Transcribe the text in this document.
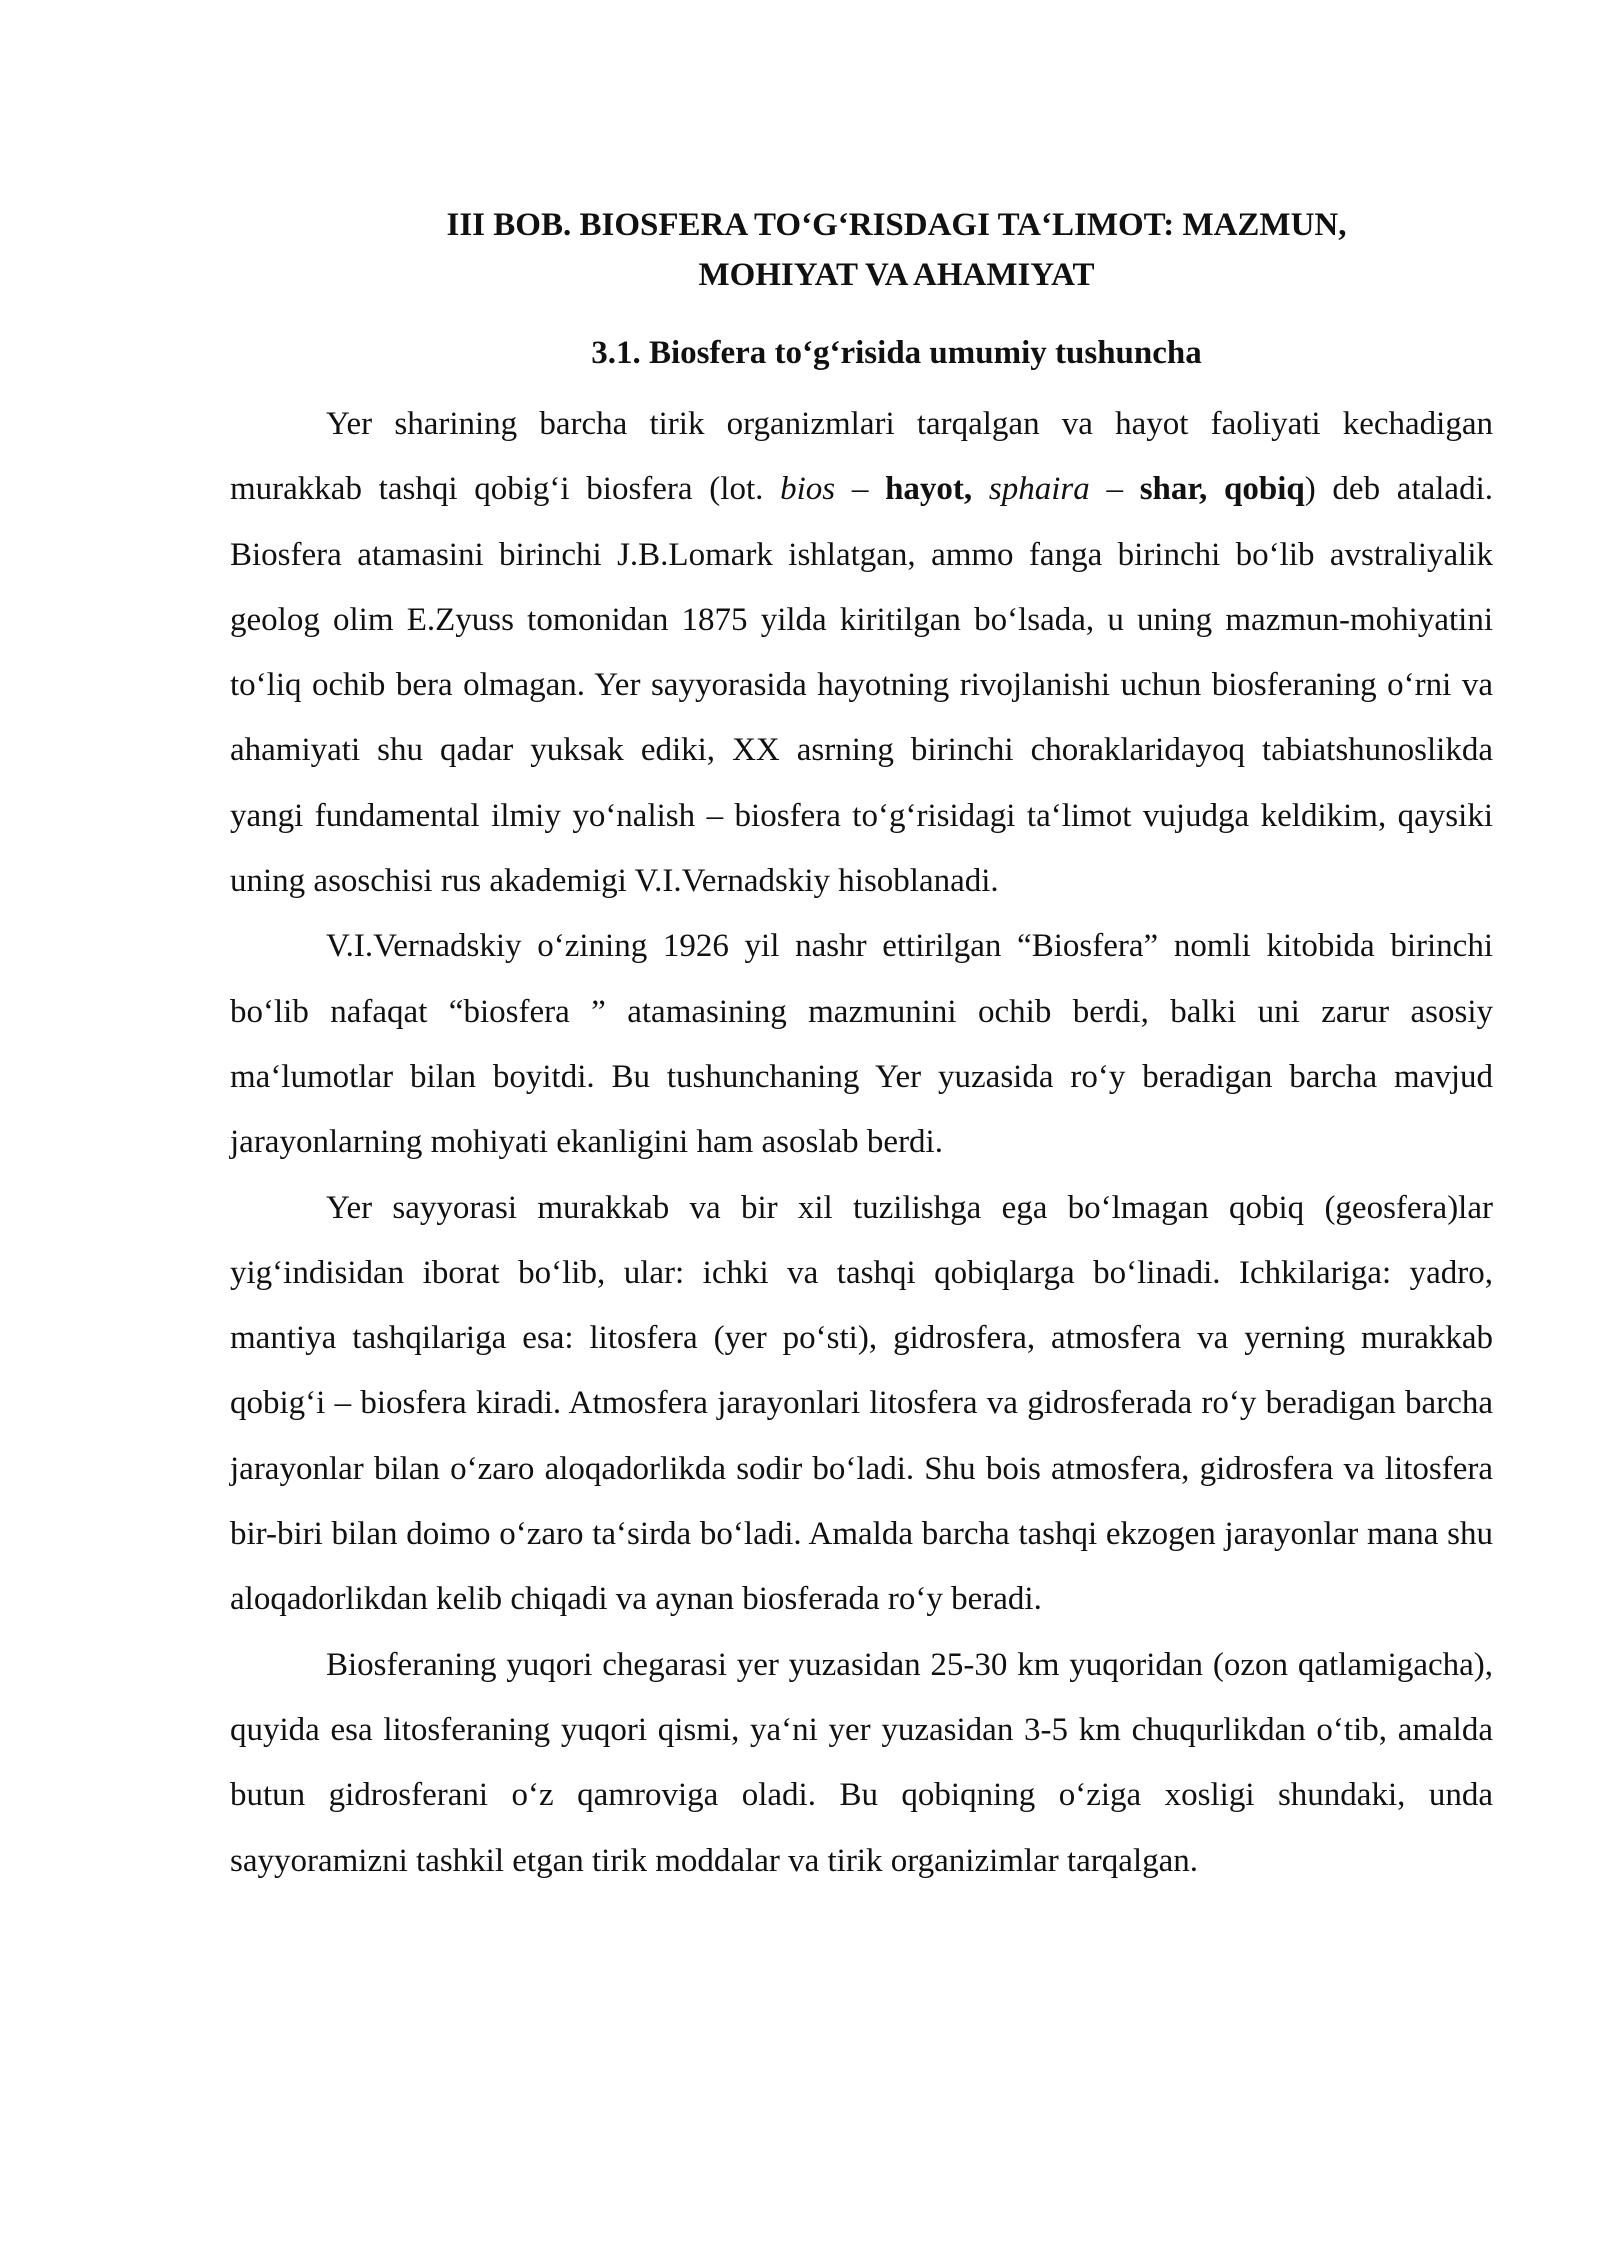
III BOB. BIOSFERA TO‘G‘RISDAGI TA‘LIMOT: MAZMUN,
MOHIYAT VA AHAMIYAT
3.1. Biosfera to‘g‘risida umumiy tushuncha

Yer sharining barcha tirik organizmlari tarqalgan va hayot faoliyati kechadigan murakkab tashqi qobig‘i biosfera (lot. bios – hayot, sphaira – shar, qobiq) deb ataladi. Biosfera atamasini birinchi J.B.Lomark ishlatgan, ammo fanga birinchi bo‘lib avstraliyalik geolog olim E.Zyuss tomonidan 1875 yilda kiritilgan bo‘lsada, u uning mazmun-mohiyatini to‘liq ochib bera olmagan. Yer sayyorasida hayotning rivojlanishi uchun biosferaning o‘rni va ahamiyati shu qadar yuksak ediki, XX asrning birinchi choraklaridayoq tabiatshunoslikda yangi fundamental ilmiy yo‘nalish – biosfera to‘g‘risidagi ta‘limot vujudga keldikim, qaysiki uning asoschisi rus akademigi V.I.Vernadskiy hisoblanadi.

V.I.Vernadskiy o‘zining 1926 yil nashr ettirilgan “Biosfera” nomli kitobida birinchi bo‘lib nafaqat “biosfera ” atamasining mazmunini ochib berdi, balki uni zarur asosiy ma‘lumotlar bilan boyitdi. Bu tushunchaning Yer yuzasida ro‘y beradigan barcha mavjud jarayonlarning mohiyati ekanligini ham asoslab berdi.

Yer sayyorasi murakkab va bir xil tuzilishga ega bo‘lmagan qobiq (geosfera)lar yig‘indisidan iborat bo‘lib, ular: ichki va tashqi qobiqlarga bo‘linadi. Ichkilariga: yadro, mantiya tashqilariga esa: litosfera (yer po‘sti), gidrosfera, atmosfera va yerning murakkab qobig‘i – biosfera kiradi. Atmosfera jarayonlari litosfera va gidrosferada ro‘y beradigan barcha jarayonlar bilan o‘zaro aloqadorlikda sodir bo‘ladi. Shu bois atmosfera, gidrosfera va litosfera bir-biri bilan doimo o‘zaro ta‘sirda bo‘ladi. Amalda barcha tashqi ekzogen jarayonlar mana shu aloqadorlikdan kelib chiqadi va aynan biosferada ro‘y beradi.

Biosferaning yuqori chegarasi yer yuzasidan 25-30 km yuqoridan (ozon qatlamigacha), quyida esa litosferaning yuqori qismi, ya‘ni yer yuzasidan 3-5 km chuqurlikdan o‘tib, amalda butun gidrosferani o‘z qamroviga oladi. Bu qobiqning o‘ziga xosligi shundaki, unda sayyoramizni tashkil etgan tirik moddalar va tirik organizimlar tarqalgan.
